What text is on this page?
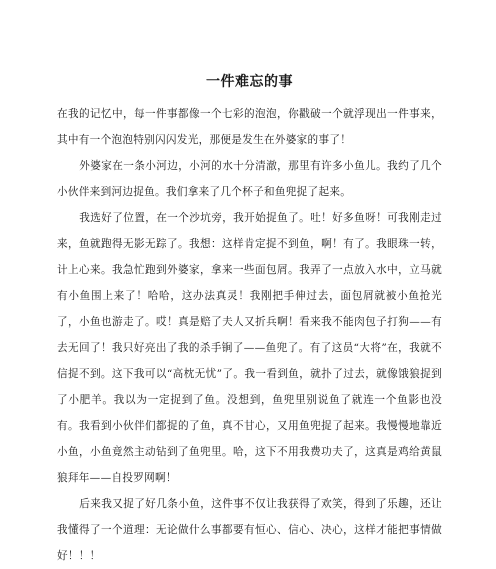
一件难忘的事

在我的记忆中，每一件事都像一个七彩的泡泡，你戳破一个就浮现出一件事来，其中有一个泡泡特别闪闪发光，那便是发生在外婆家的事了！

外婆家在一条小河边，小河的水十分清澈，那里有许多小鱼儿。我约了几个小伙伴来到河边捉鱼。我们拿来了几个杯子和鱼兜捉了起来。

我选好了位置，在一个沙坑旁，我开始捉鱼了。吐！好多鱼呀！可我刚走过来，鱼就跑得无影无踪了。我想：这样肯定捉不到鱼，啊！有了。我眼珠一转，计上心来。我急忙跑到外婆家，拿来一些面包屑。我弄了一点放入水中，立马就有小鱼围上来了！哈哈，这办法真灵！我刚把手伸过去，面包屑就被小鱼抢光了，小鱼也游走了。哎！真是赔了夫人又折兵啊！看来我不能肉包子打狗——有去无回了！我只好亮出了我的杀手锏了——鱼兜了。有了这员“大将”在，我就不信捉不到。这下我可以“高枕无忧”了。我一看到鱼，就扑了过去，就像饿狼捉到了小肥羊。我以为一定捉到了鱼。没想到，鱼兜里别说鱼了就连一个鱼影也没有。我看到小伙伴们都捉的了鱼，真不甘心，又用鱼兜捉了起来。我慢慢地靠近小鱼，小鱼竟然主动钻到了鱼兜里。哈，这下不用我费功夫了，这真是鸡给黄鼠狼拜年——自投罗网啊！

后来我又捉了好几条小鱼，这件事不仅让我获得了欢笑，得到了乐趣，还让我懂得了一个道理：无论做什么事都要有恒心、信心、决心，这样才能把事情做好！！！
